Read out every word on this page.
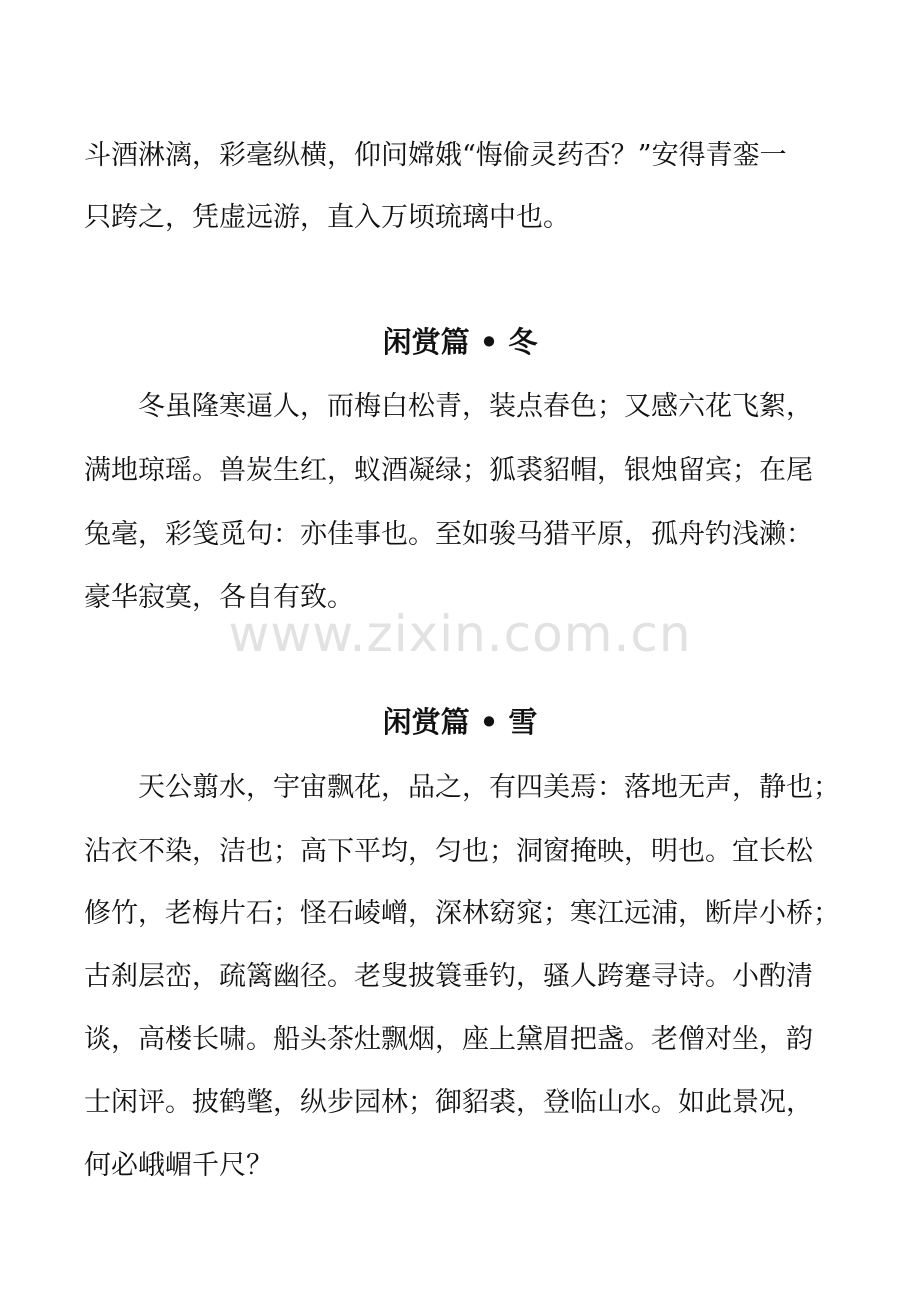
斗酒淋漓，彩毫纵横，仰问嫦娥“悔偷灵药否？”安得青銮一
只跨之，凭虚远游，直入万顷琉璃中也。
闲赏篇 • 冬
冬虽隆寒逼人，而梅白松青，装点春色；又感六花飞絮，
满地琼瑶。兽炭生红，蚁酒凝绿；狐裘貂帽，银烛留宾；在尾
兔毫，彩笺觅句：亦佳事也。至如骏马猎平原，孤舟钓浅濑：
豪华寂寞，各自有致。
www.zixin.com.cn
闲赏篇 • 雪
天公翦水，宇宙飘花，品之，有四美焉：落地无声，静也；
沾衣不染，洁也；高下平均，匀也；洞窗掩映，明也。宜长松
修竹，老梅片石；怪石崚嶒，深林窈窕；寒江远浦，断岸小桥；
古刹层峦，疏篱幽径。老叟披簑垂钓，骚人跨蹇寻诗。小酌清
谈，高楼长啸。船头茶灶飘烟，座上黛眉把盏。老僧对坐，韵
士闲评。披鹤氅，纵步园林；御貂裘，登临山水。如此景况，
何必峨嵋千尺？
